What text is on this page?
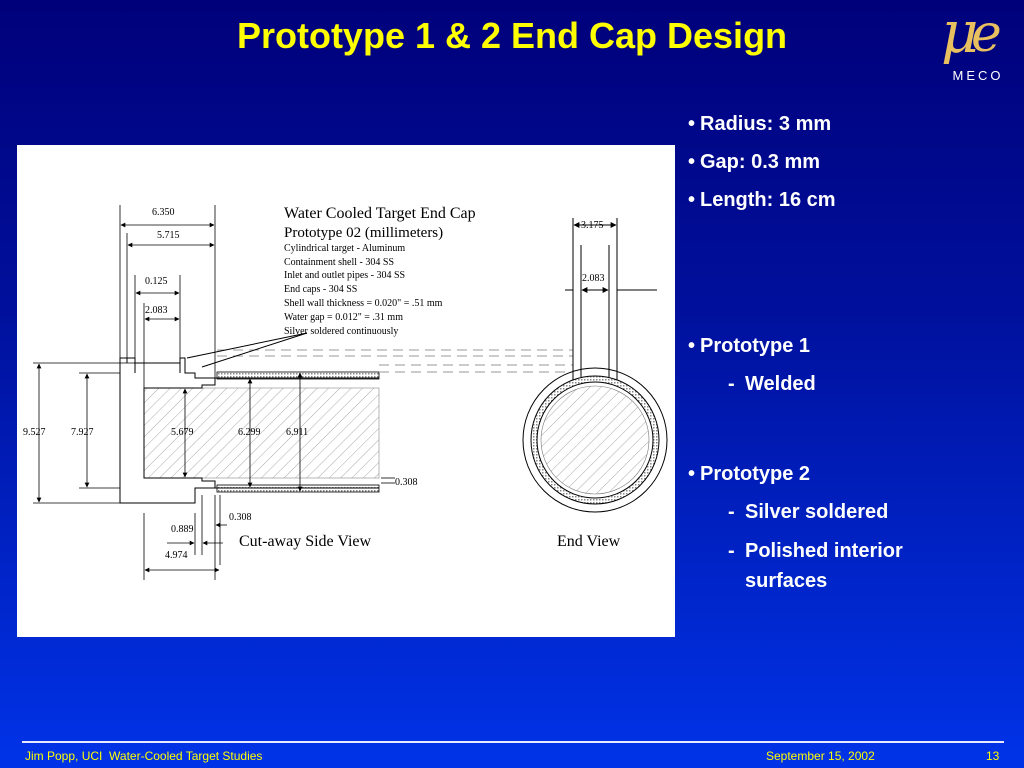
Prototype 1 & 2 End Cap Design	μ
e
MECO
Water Cooled Target End Cap
Prototype 02 (millimeters)
Cylindrical target - Aluminum
Containment shell - 304 SS
Inlet and outlet pipes - 304 SS
End caps - 304 SS
Shell wall thickness = 0.020" = .51 mm
Water gap = 0.012" = .31 mm
Silver soldered continuously
6.350
5.715
0.125
2.083
9.527	7.927	5.679	6.299	6.911
0.308
0.889
0.308
4.974
3.175
2.083
Cut-away Side View	End View
• Radius: 3 mm
• Gap: 0.3 mm
• Length: 16 cm
• Prototype 1
- Welded
• Prototype 2
- Silver soldered
- Polished interior surfaces
Jim Popp, UCI  Water-Cooled Target Studies	September 15, 2002	13
